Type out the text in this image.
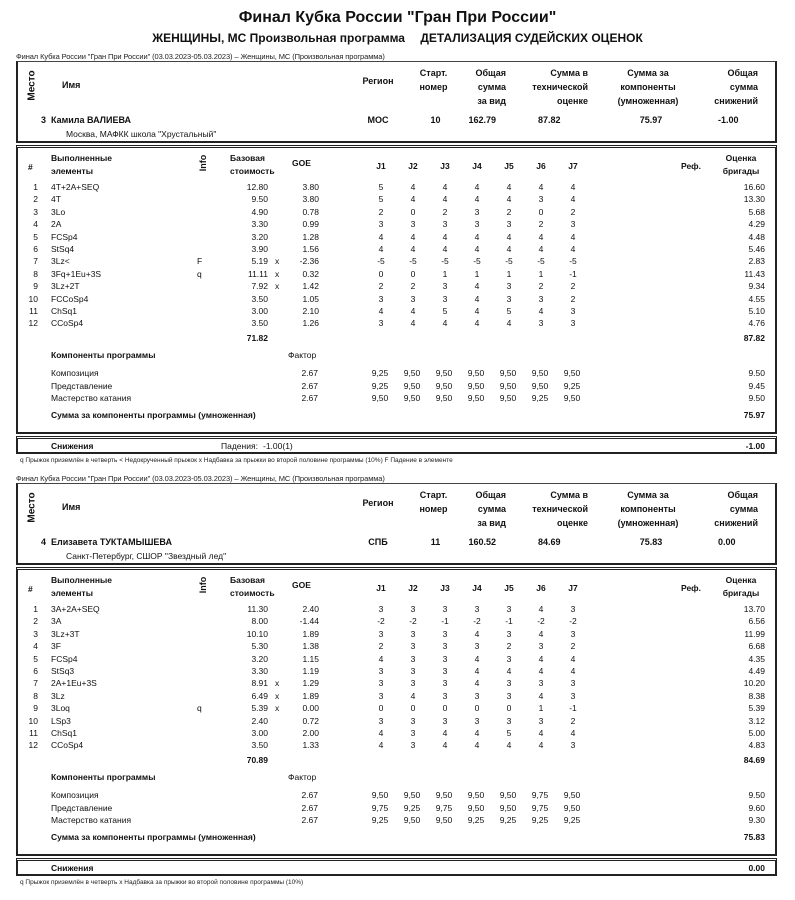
Финал Кубка России "Гран При России"
ЖЕНЩИНЫ, МС Произвольная программа ДЕТАЛИЗАЦИЯ СУДЕЙСКИХ ОЦЕНОК
Финал Кубка России "Гран При России" (03.03.2023-05.03.2023) – Женщины, МС (Произвольная программа)
Место	Имя	Регион
Старт.
номер
Общая
сумма
за вид
Сумма в
технической
оценке
Сумма за
компоненты
(умноженная)
Общая
сумма
снижений
3 Камила ВАЛИЕВА
Москва, МАФКК школа "Хрустальный"
МОС	10	162.79	87.82	75.97	-1.00
#
Выполненные
элементы	Info	Базовая
стоимость
GOE	J1	J2	J3	J4	J5	J6	J7	Реф.
Оценка
бригады
1 4T+2A+SEQ	12.80	3.80	5	4	4	4	4	4	4	16.60
2 4T	9.50	3.80	5	4	4	4	4	3	4	13.30
3 3Lo	4.90	0.78	2	0	2	3	2	0	2	5.68
4 2A	3.30	0.99	3	3	3	3	3	2	3	4.29
5 FCSp4	3.20	1.28	4	4	4	4	4	4	4	4.48
6 StSq4	3.90	1.56	4	4	4	4	4	4	4	5.46
7 3Lz<	F	5.19 x	-2.36	-5	-5	-5	-5	-5	-5	-5	2.83
8 3Fq+1Eu+3S	q	11.11 x	0.32	0	0	1	1	1	1	-1	11.43
9 3Lz+2T	7.92 x	1.42	2	2	3	4	3	2	2	9.34
10 FCCoSp4	3.50	1.05	3	3	3	4	3	3	2	4.55
11 ChSq1	3.00	2.10	4	4	5	4	5	4	3	5.10
12 CCoSp4	3.50	1.26	3	4	4	4	4	3	3	4.76
71.82	87.82
Компоненты программы	Фактор
Композиция	2.67	9,25	9,50	9,50	9,50	9,50	9,50	9,50	9.50
Представление	2.67	9,25	9,50	9,50	9,50	9,50	9,50	9,25	9.45
Мастерство катания	2.67	9,50	9,50	9,50	9,50	9,50	9,25	9,50	9.50
Сумма за компоненты программы (умноженная)	75.97
Снижения	Падения: -1.00(1)	-1.00
q Прыжок приземлён в четверть < Недокрученный прыжок x Надбавка за прыжки во второй половине программы (10%) F Падение в элементе
Финал Кубка России "Гран При России" (03.03.2023-05.03.2023) – Женщины, МС (Произвольная программа)
Место	Имя	Регион
Старт.
номер
Общая
сумма
за вид
Сумма в
технической
оценке
Сумма за
компоненты
(умноженная)
Общая
сумма
снижений
4 Елизавета ТУКТАМЫШЕВА
Санкт-Петербург, СШОР "Звездный лед"
СПБ	11	160.52	84.69	75.83	0.00
#
Выполненные
элементы	Info	Базовая
стоимость
GOE	J1	J2	J3	J4	J5	J6	J7	Реф.
Оценка
бригады
1 3A+2A+SEQ	11.30	2.40	3	3	3	3	3	4	3	13.70
2 3A	8.00	-1.44	-2	-2	-1	-2	-1	-2	-2	6.56
3 3Lz+3T	10.10	1.89	3	3	3	4	3	4	3	11.99
4 3F	5.30	1.38	2	3	3	3	2	3	2	6.68
5 FCSp4	3.20	1.15	4	3	3	4	3	4	4	4.35
6 StSq3	3.30	1.19	3	3	3	4	4	4	4	4.49
7 2A+1Eu+3S	8.91 x	1.29	3	3	3	4	3	3	3	10.20
8 3Lz	6.49 x	1.89	3	4	3	3	3	4	3	8.38
9 3Loq	q	5.39 x	0.00	0	0	0	0	0	1	-1	5.39
10 LSp3	2.40	0.72	3	3	3	3	3	3	2	3.12
11 ChSq1	3.00	2.00	4	3	4	4	5	4	4	5.00
12 CCoSp4	3.50	1.33	4	3	4	4	4	4	3	4.83
70.89	84.69
Компоненты программы	Фактор
Композиция	2.67	9,50	9,50	9,50	9,50	9,50	9,75	9,50	9.50
Представление	2.67	9,75	9,25	9,75	9,50	9,50	9,75	9,50	9.60
Мастерство катания	2.67	9,25	9,50	9,50	9,25	9,25	9,25	9,25	9.30
Сумма за компоненты программы (умноженная)	75.83
Снижения	0.00
q Прыжок приземлён в четверть x Надбавка за прыжки во второй половине программы (10%)
